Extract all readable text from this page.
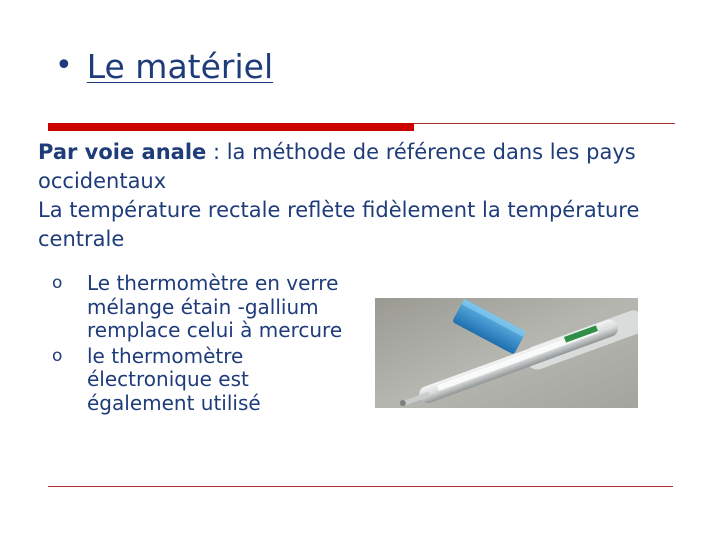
• Le matériel
Par voie anale : la méthode de référence dans les pays occidentaux
La température rectale reflète fidèlement la température centrale
o	Le thermomètre en verre mélange étain -gallium remplace celui à mercure
o	le thermomètre électronique est également utilisé
